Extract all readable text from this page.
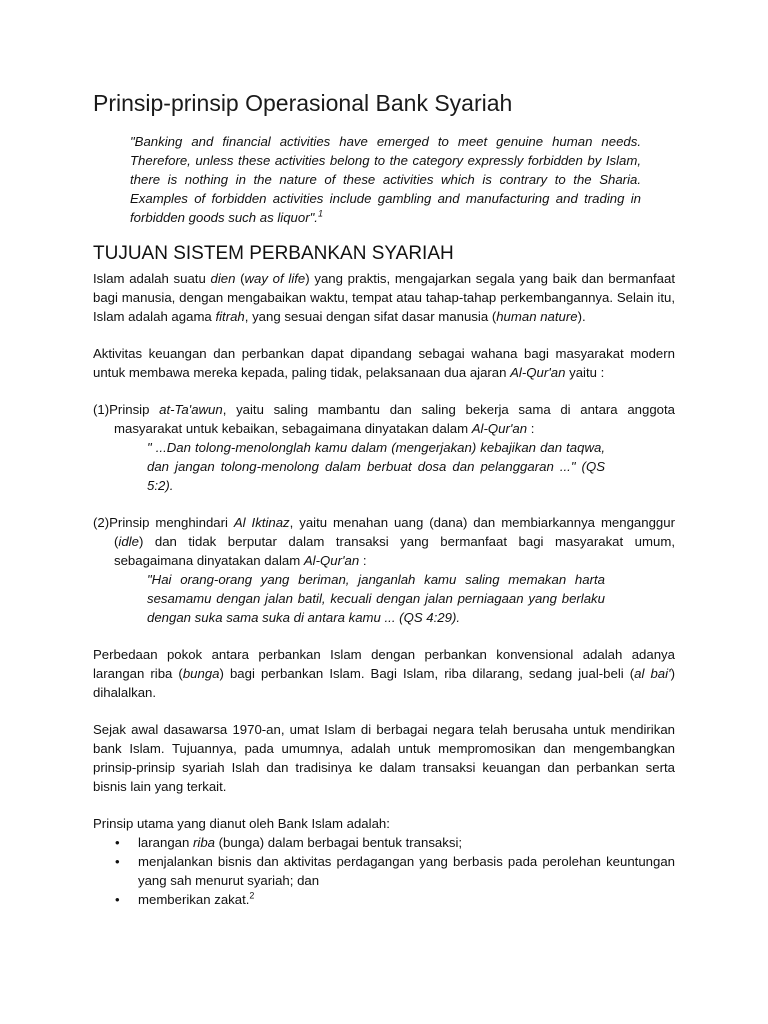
Prinsip-prinsip Operasional Bank Syariah
"Banking and financial activities have emerged to meet genuine human needs. Therefore, unless these activities belong to the category expressly forbidden by Islam, there is nothing in the nature of these activities which is contrary to the Sharia. Examples of forbidden activities include gambling and manufacturing and trading in forbidden goods such as liquor".$^1$
TUJUAN SISTEM PERBANKAN SYARIAH

Islam adalah suatu dien (way of life) yang praktis, mengajarkan segala yang baik dan bermanfaat bagi manusia, dengan mengabaikan waktu, tempat atau tahap-tahap perkembangannya. Selain itu, Islam adalah agama fitrah, yang sesuai dengan sifat dasar manusia (human nature).

Aktivitas keuangan dan perbankan dapat dipandang sebagai wahana bagi masyarakat modern untuk membawa mereka kepada, paling tidak, pelaksanaan dua ajaran Al-Qur'an yaitu :

(1)Prinsip at-Ta'awun, yaitu saling mambantu dan saling bekerja sama di antara anggota masyarakat untuk kebaikan, sebagaimana dinyatakan dalam Al-Qur'an :

" ...Dan tolong-menolonglah kamu dalam (mengerjakan) kebajikan dan taqwa, dan jangan tolong-menolong dalam berbuat dosa dan pelanggaran ..." (QS 5:2).

(2)Prinsip menghindari Al Iktinaz, yaitu menahan uang (dana) dan membiarkannya menganggur (idle) dan tidak berputar dalam transaksi yang bermanfaat bagi masyarakat umum, sebagaimana dinyatakan dalam Al-Qur'an :

"Hai orang-orang yang beriman, janganlah kamu saling memakan harta sesamamu dengan jalan batil, kecuali dengan jalan perniagaan yang berlaku dengan suka sama suka di antara kamu ... (QS 4:29).

Perbedaan pokok antara perbankan Islam dengan perbankan konvensional adalah adanya larangan riba (bunga) bagi perbankan Islam. Bagi Islam, riba dilarang, sedang jual-beli (al bai') dihalalkan.

Sejak awal dasawarsa 1970-an, umat Islam di berbagai negara telah berusaha untuk mendirikan bank Islam. Tujuannya, pada umumnya, adalah untuk mempromosikan dan mengembangkan prinsip-prinsip syariah Islah dan tradisinya ke dalam transaksi keuangan dan perbankan serta bisnis lain yang terkait.

Prinsip utama yang dianut oleh Bank Islam adalah:

• larangan riba (bunga) dalam berbagai bentuk transaksi;
• menjalankan bisnis dan aktivitas perdagangan yang berbasis pada perolehan keuntungan yang sah menurut syariah; dan
• memberikan zakat.$^2$
